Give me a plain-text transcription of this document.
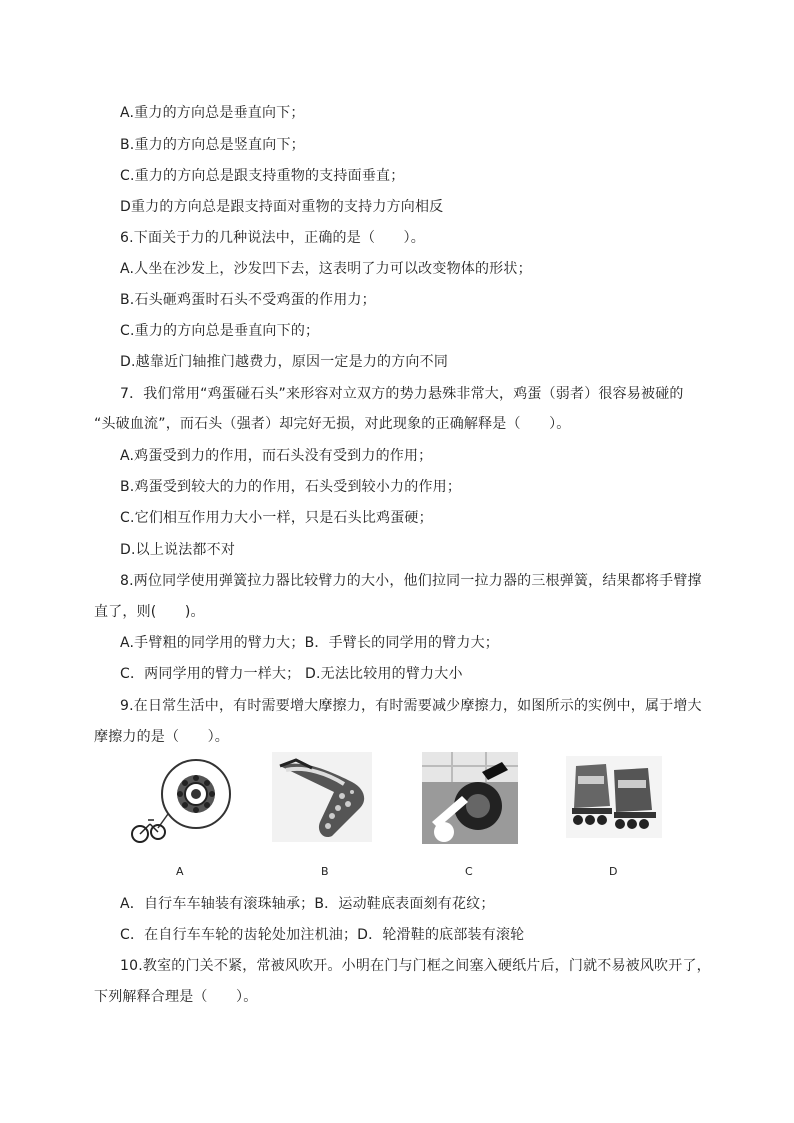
A.重力的方向总是垂直向下；
B.重力的方向总是竖直向下；
C.重力的方向总是跟支持重物的支持面垂直；
D重力的方向总是跟支持面对重物的支持力方向相反
6.下面关于力的几种说法中，正确的是（　　）。
A.人坐在沙发上，沙发凹下去，这表明了力可以改变物体的形状；
B.石头砸鸡蛋时石头不受鸡蛋的作用力；
C.重力的方向总是垂直向下的；
D.越靠近门轴推门越费力，原因一定是力的方向不同
7．我们常用“鸡蛋碰石头”来形容对立双方的势力悬殊非常大，鸡蛋（弱者）很容易被碰的
“头破血流”，而石头（强者）却完好无损，对此现象的正确解释是（　　）。
A.鸡蛋受到力的作用，而石头没有受到力的作用；
B.鸡蛋受到较大的力的作用，石头受到较小力的作用；
C.它们相互作用力大小一样，只是石头比鸡蛋硬；
D.以上说法都不对
8.两位同学使用弹簧拉力器比较臂力的大小，他们拉同一拉力器的三根弹簧，结果都将手臂撑
直了，则(　　)。
A.手臂粗的同学用的臂力大；B．手臂长的同学用的臂力大；
C．两同学用的臂力一样大； D.无法比较用的臂力大小
9.在日常生活中，有时需要增大摩擦力，有时需要减少摩擦力，如图所示的实例中，属于增大
摩擦力的是（　　）。
A	B	C	D
A．自行车车轴装有滚珠轴承；B．运动鞋底表面刻有花纹；
C．在自行车车轮的齿轮处加注机油；D．轮滑鞋的底部装有滚轮
10.教室的门关不紧，常被风吹开。小明在门与门框之间塞入硬纸片后，门就不易被风吹开了，
下列解释合理是（　　）。
